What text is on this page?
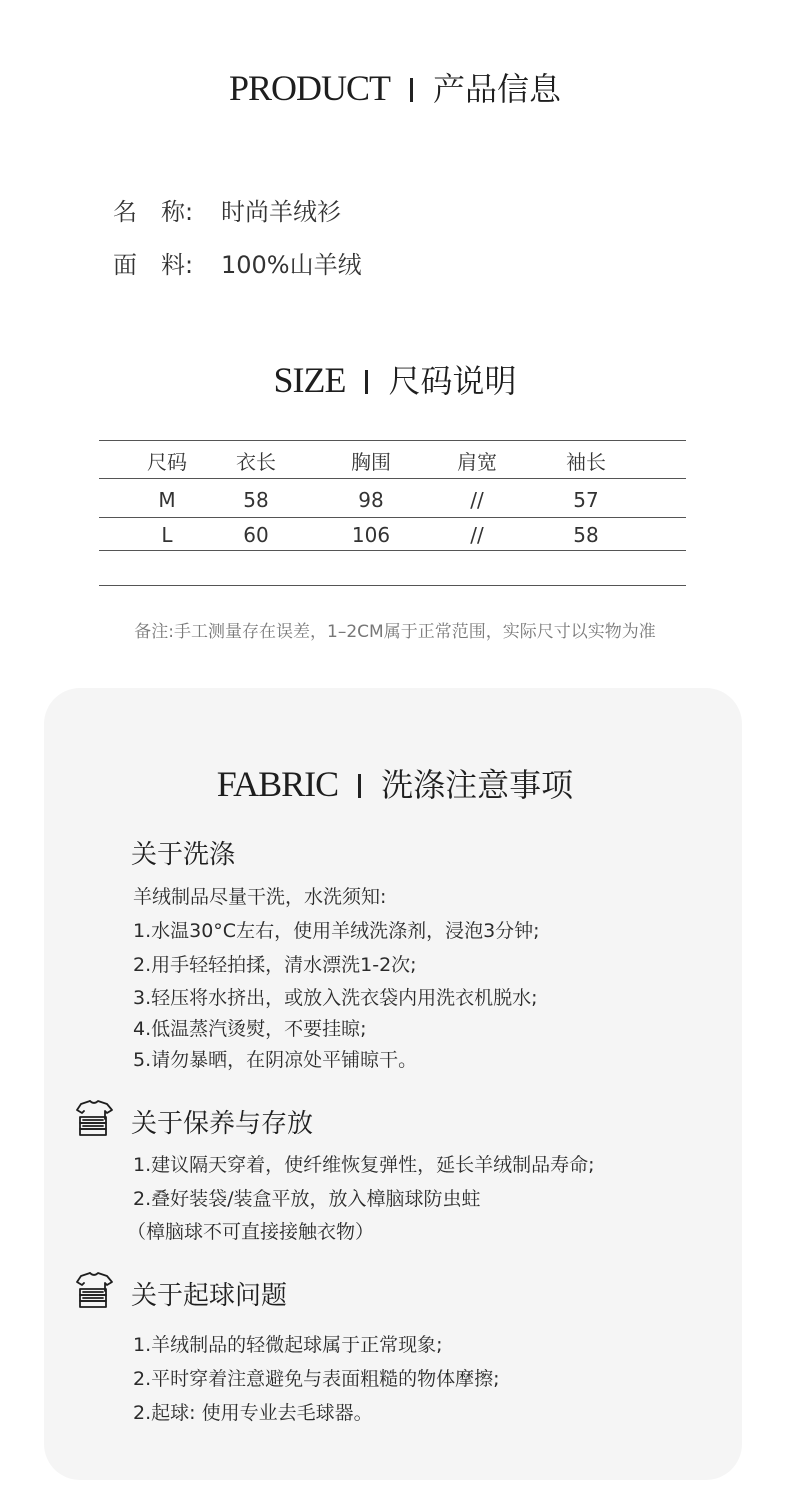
PRODUCT 产品信息
名　称: 时尚羊绒衫
面　料: 100%山羊绒
SIZE 尺码说明
尺码	衣长	胸围	肩宽	袖长
M	58	98	//	57
L	60	106	//	58
备注:手工测量存在误差，1–2CM属于正常范围，实际尺寸以实物为准
FABRIC 洗涤注意事项
关于洗涤
羊绒制品尽量干洗，水洗须知:
1.水温30°C左右，使用羊绒洗涤剂，浸泡3分钟;
2.用手轻轻拍揉，清水漂洗1-2次;
3.轻压将水挤出，或放入洗衣袋内用洗衣机脱水;
4.低温蒸汽烫熨，不要挂晾;
5.请勿暴晒，在阴凉处平铺晾干。
关于保养与存放
1.建议隔天穿着，使纤维恢复弹性，延长羊绒制品寿命;
2.叠好装袋/装盒平放，放入樟脑球防虫蛀
（樟脑球不可直接接触衣物）
关于起球问题
1.羊绒制品的轻微起球属于正常现象;
2.平时穿着注意避免与表面粗糙的物体摩擦;
2.起球: 使用专业去毛球器。
